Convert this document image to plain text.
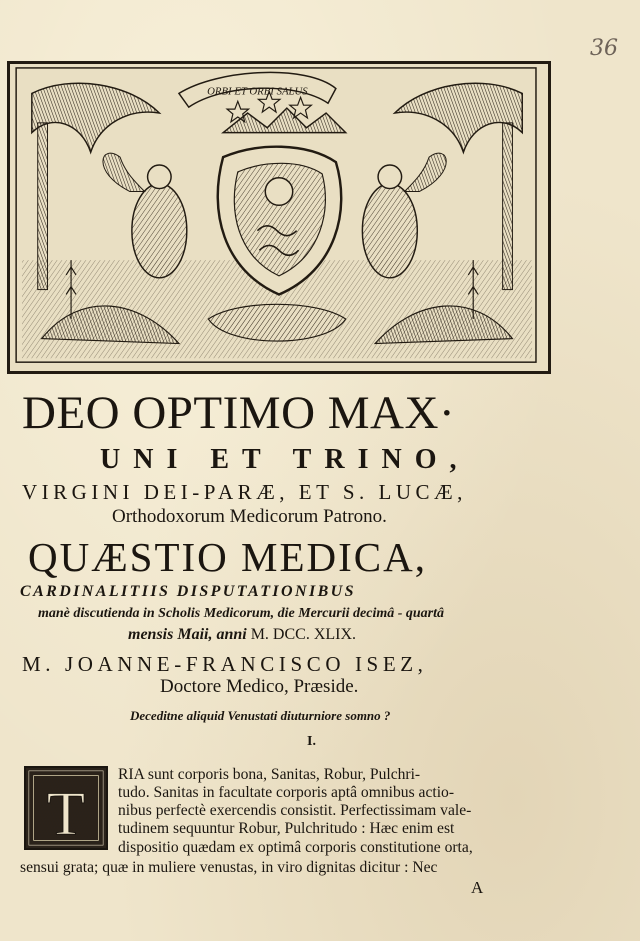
36
ORBI ET ORBI SALUS
DEO OPTIMO MAX·
UNI ET TRINO,
VIRGINI DEI-PARÆ, ET S. LUCÆ,
Orthodoxorum Medicorum Patrono.
QUÆSTIO MEDICA,
CARDINALITIIS DISPUTATIONIBUS
manè discutienda in Scholis Medicorum, die Mercurii decimâ - quartâ
mensis Maii, anni M. DCC. XLIX.
M. JOANNE-FRANCISCO ISEZ,
Doctore Medico, Præside.
Deceditne aliquid Venustati diuturniore somno ?
I.
T
RIA sunt corporis bona, Sanitas, Robur, Pulchri-
tudo. Sanitas in facultate corporis aptâ omnibus actio-
nibus perfectè exercendis consistit. Perfectissimam vale-
tudinem sequuntur Robur, Pulchritudo : Hæc enim est
dispositio quædam ex optimâ corporis constitutione orta,
sensui grata; quæ in muliere venustas, in viro dignitas dicitur : Nec
A
